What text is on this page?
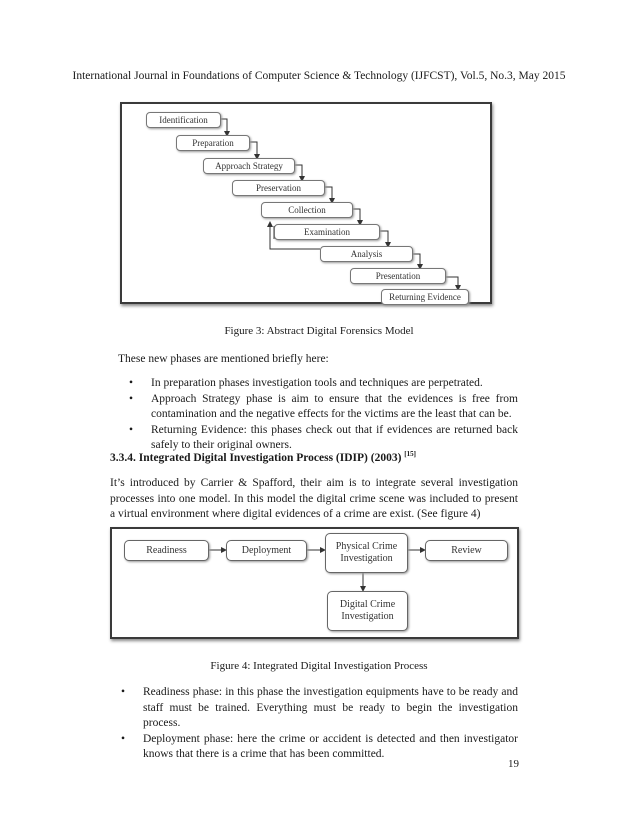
International Journal in Foundations of Computer Science & Technology (IJFCST), Vol.5, No.3, May 2015
Identification
Preparation
Approach Strategy
Preservation
Collection
Examination
Analysis
Presentation
Returning Evidence
Figure 3: Abstract Digital Forensics Model
These new phases are mentioned briefly here:
• In preparation phases investigation tools and techniques are perpetrated.
• Approach Strategy phase is aim to ensure that the evidences is free from contamination and the negative effects for the victims are the least that can be.
• Returning Evidence: this phases check out that if evidences are returned back safely to their original owners.
3.3.4. Integrated Digital Investigation Process (IDIP) (2003) [15]
It’s introduced by Carrier & Spafford, their aim is to integrate several investigation processes into one model. In this model the digital crime scene was included to present a virtual environment where digital evidences of a crime are exist. (See figure 4)
Readiness	Deployment	Physical Crime
Investigation
Review
Digital Crime
Investigation
Figure 4: Integrated Digital Investigation Process
• Readiness phase: in this phase the investigation equipments have to be ready and staff must be trained. Everything must be ready to begin the investigation process.
• Deployment phase: here the crime or accident is detected and then investigator knows that there is a crime that has been committed.
19
